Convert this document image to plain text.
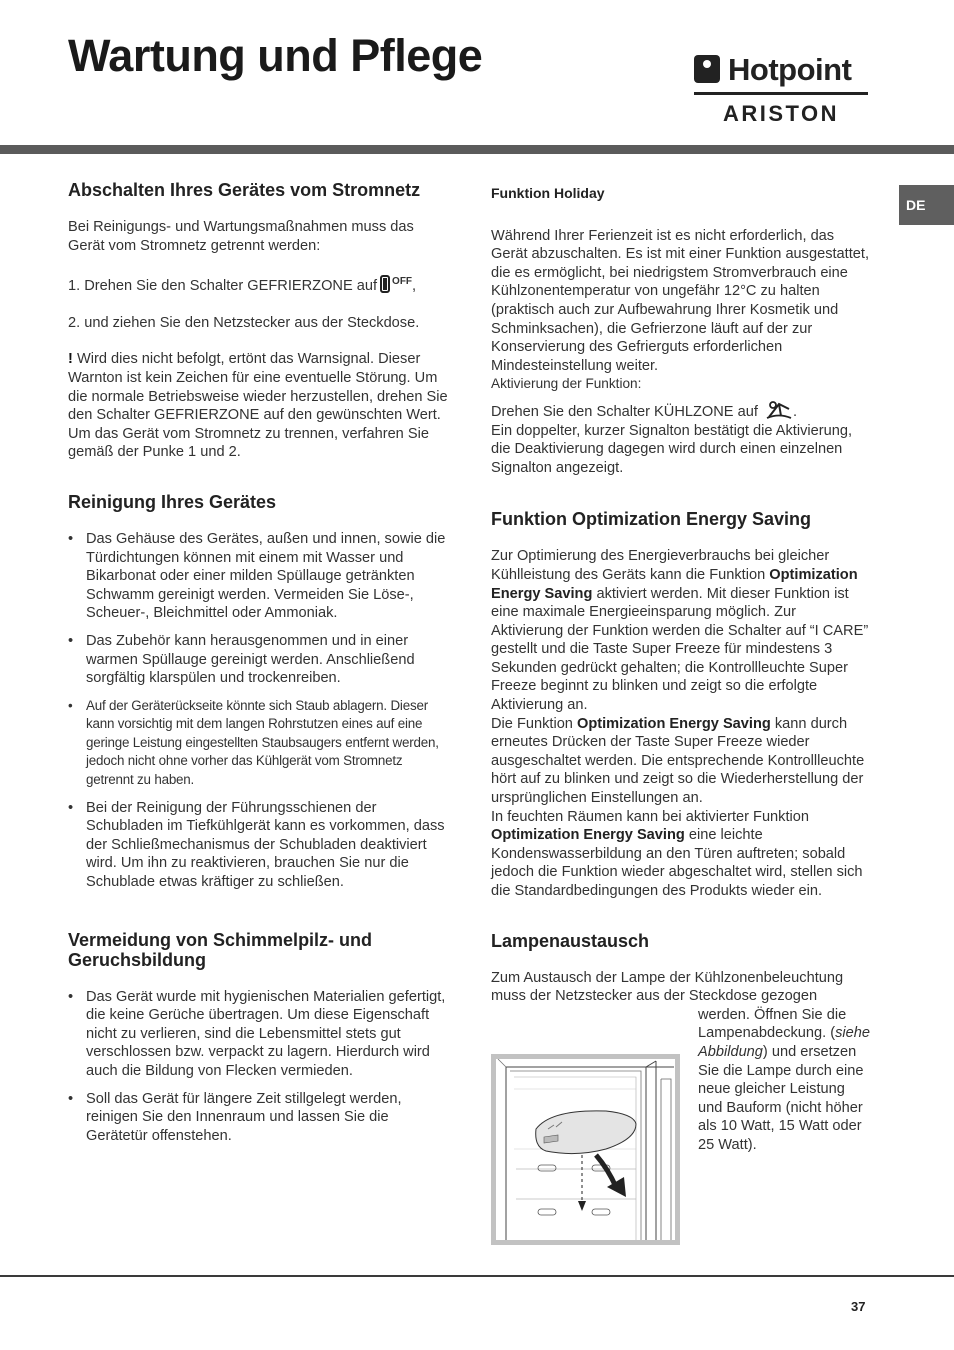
Wartung und Pflege	Hotpoint
ARISTON
DE
Abschalten Ihres Gerätes vom Stromnetz

Bei Reinigungs- und Wartungsmaßnahmen muss das Gerät vom Stromnetz getrennt werden:

1. Drehen Sie den Schalter GEFRIERZONE auf $^{OFF}$,

2. und ziehen Sie den Netzstecker aus der Steckdose.

! Wird dies nicht befolgt, ertönt das Warnsignal. Dieser Warnton ist kein Zeichen für eine eventuelle Störung. Um die normale Betriebsweise wieder herzustellen, drehen Sie den Schalter GEFRIERZONE auf den gewünschten Wert. Um das Gerät vom Stromnetz zu trennen, verfahren Sie gemäß der Punke 1 und 2.

Reinigung Ihres Gerätes
• Das Gehäuse des Gerätes, außen und innen, sowie die Türdichtungen können mit einem mit Wasser und Bikarbonat oder einer milden Spüllauge getränkten Schwamm gereinigt werden. Vermeiden Sie Löse-, Scheuer-, Bleichmittel oder Ammoniak.
• Das Zubehör kann herausgenommen und in einer warmen Spüllauge gereinigt werden. Anschließend sorgfältig klarspülen und trockenreiben.
• Auf der Geräterückseite könnte sich Staub ablagern. Dieser kann vorsichtig mit dem langen Rohrstutzen eines auf eine geringe Leistung eingestellten Staubsaugers entfernt werden, jedoch nicht ohne vorher das Kühlgerät vom Stromnetz getrennt zu haben.
• Bei der Reinigung der Führungsschienen der Schubladen im Tiefkühlgerät kann es vorkommen, dass der Schließmechanismus der Schubladen deaktiviert wird. Um ihn zu reaktivieren, brauchen Sie nur die Schublade etwas kräftiger zu schließen.
Vermeidung von Schimmelpilz- und Geruchsbildung
• Das Gerät wurde mit hygienischen Materialien gefertigt, die keine Gerüche übertragen. Um diese Eigenschaft nicht zu verlieren, sind die Lebensmittel stets gut verschlossen bzw. verpackt zu lagern. Hierdurch wird auch die Bildung von Flecken vermieden.
• Soll das Gerät für längere Zeit stillgelegt werden, reinigen Sie den Innenraum und lassen Sie die Gerätetür offenstehen.
Funktion Holiday

Während Ihrer Ferienzeit ist es nicht erforderlich, das Gerät abzuschalten. Es ist mit einer Funktion ausgestattet, die es ermöglicht, bei niedrigstem Stromverbrauch eine Kühlzonentemperatur von ungefähr 12°C zu halten (praktisch auch zur Aufbewahrung Ihrer Kosmetik und Schminksachen), die Gefrierzone läuft auf der zur Konservierung des Gefrierguts erforderlichen Mindesteinstellung weiter.

Aktivierung der Funktion:

Drehen Sie den Schalter KÜHLZONE auf .
Ein doppelter, kurzer Signalton bestätigt die Aktivierung, die Deaktivierung dagegen wird durch einen einzelnen Signalton angezeigt.

Funktion Optimization Energy Saving

Zur Optimierung des Energieverbrauchs bei gleicher Kühlleistung des Geräts kann die Funktion Optimization Energy Saving aktiviert werden. Mit dieser Funktion ist eine maximale Energieeinsparung möglich. Zur Aktivierung der Funktion werden die Schalter auf “I CARE” gestellt und die Taste Super Freeze für mindestens 3 Sekunden gedrückt gehalten; die Kontrollleuchte Super Freeze beginnt zu blinken und zeigt so die erfolgte Aktivierung an.

Die Funktion Optimization Energy Saving kann durch erneutes Drücken der Taste Super Freeze wieder ausgeschaltet werden. Die entsprechende Kontrollleuchte hört auf zu blinken und zeigt so die Wiederherstellung der ursprünglichen Einstellungen an.

In feuchten Räumen kann bei aktivierter Funktion Optimization Energy Saving eine leichte Kondenswasserbildung an den Türen auftreten; sobald jedoch die Funktion wieder abgeschaltet wird, stellen sich die Standardbedingungen des Produkts wieder ein.

Lampenaustausch

Zum Austausch der Lampe der Kühlzonenbeleuchtung muss der Netzstecker aus der Steckdose gezogen

werden. Öffnen Sie die Lampenabdeckung. (siehe Abbildung) und ersetzen Sie die Lampe durch eine neue gleicher Leistung und Bauform (nicht höher als 10 Watt, 15 Watt oder 25 Watt).

37
